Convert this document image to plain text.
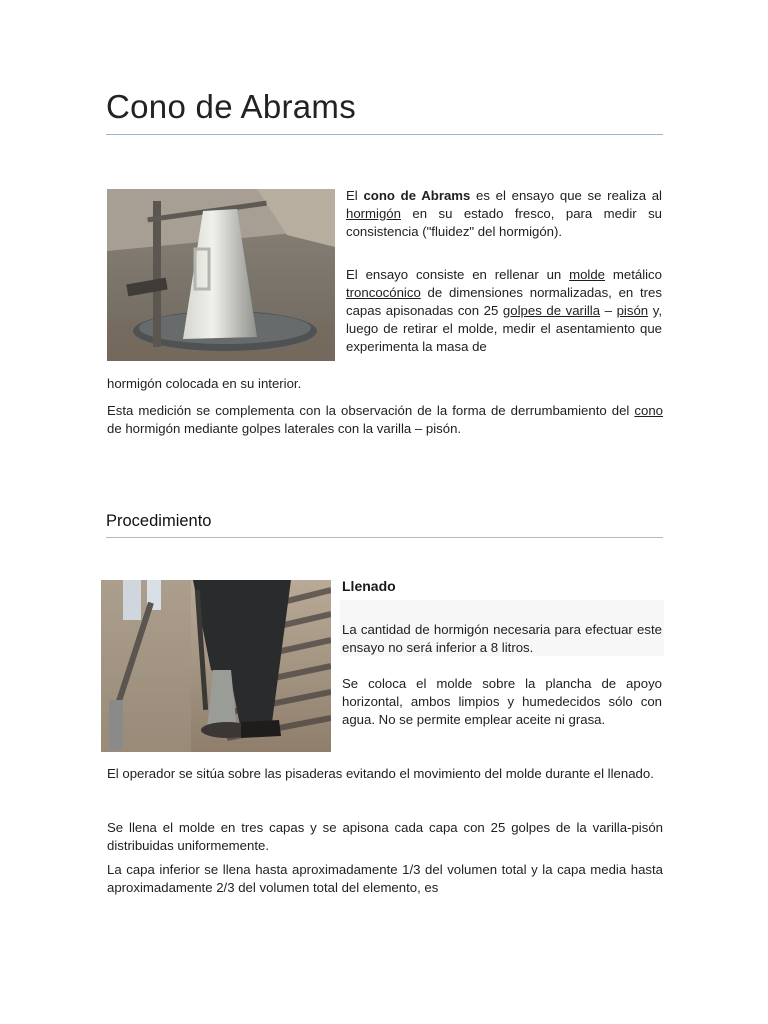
Cono de Abrams

El cono de Abrams es el ensayo que se realiza al hormigón en su estado fresco, para medir su consistencia ("fluidez" del hormigón).

El ensayo consiste en rellenar un molde metálico troncocónico de dimensiones normalizadas, en tres capas apisonadas con 25 golpes de varilla – pisón y, luego de retirar el molde, medir el asentamiento que experimenta la masa de

hormigón colocada en su interior.

Esta medición se complementa con la observación de la forma de derrumbamiento del cono de hormigón mediante golpes laterales con la varilla – pisón.

Procedimiento
Llenado

La cantidad de hormigón necesaria para efectuar este ensayo no será inferior a 8 litros.

Se coloca el molde sobre la plancha de apoyo horizontal, ambos limpios y humedecidos sólo con agua. No se permite emplear aceite ni grasa.

El operador se sitúa sobre las pisaderas evitando el movimiento del molde durante el llenado.

Se llena el molde en tres capas y se apisona cada capa con 25 golpes de la varilla-pisón distribuidas uniformemente.

La capa inferior se llena hasta aproximadamente 1/3 del volumen total y la capa media hasta aproximadamente 2/3 del volumen total del elemento, es
